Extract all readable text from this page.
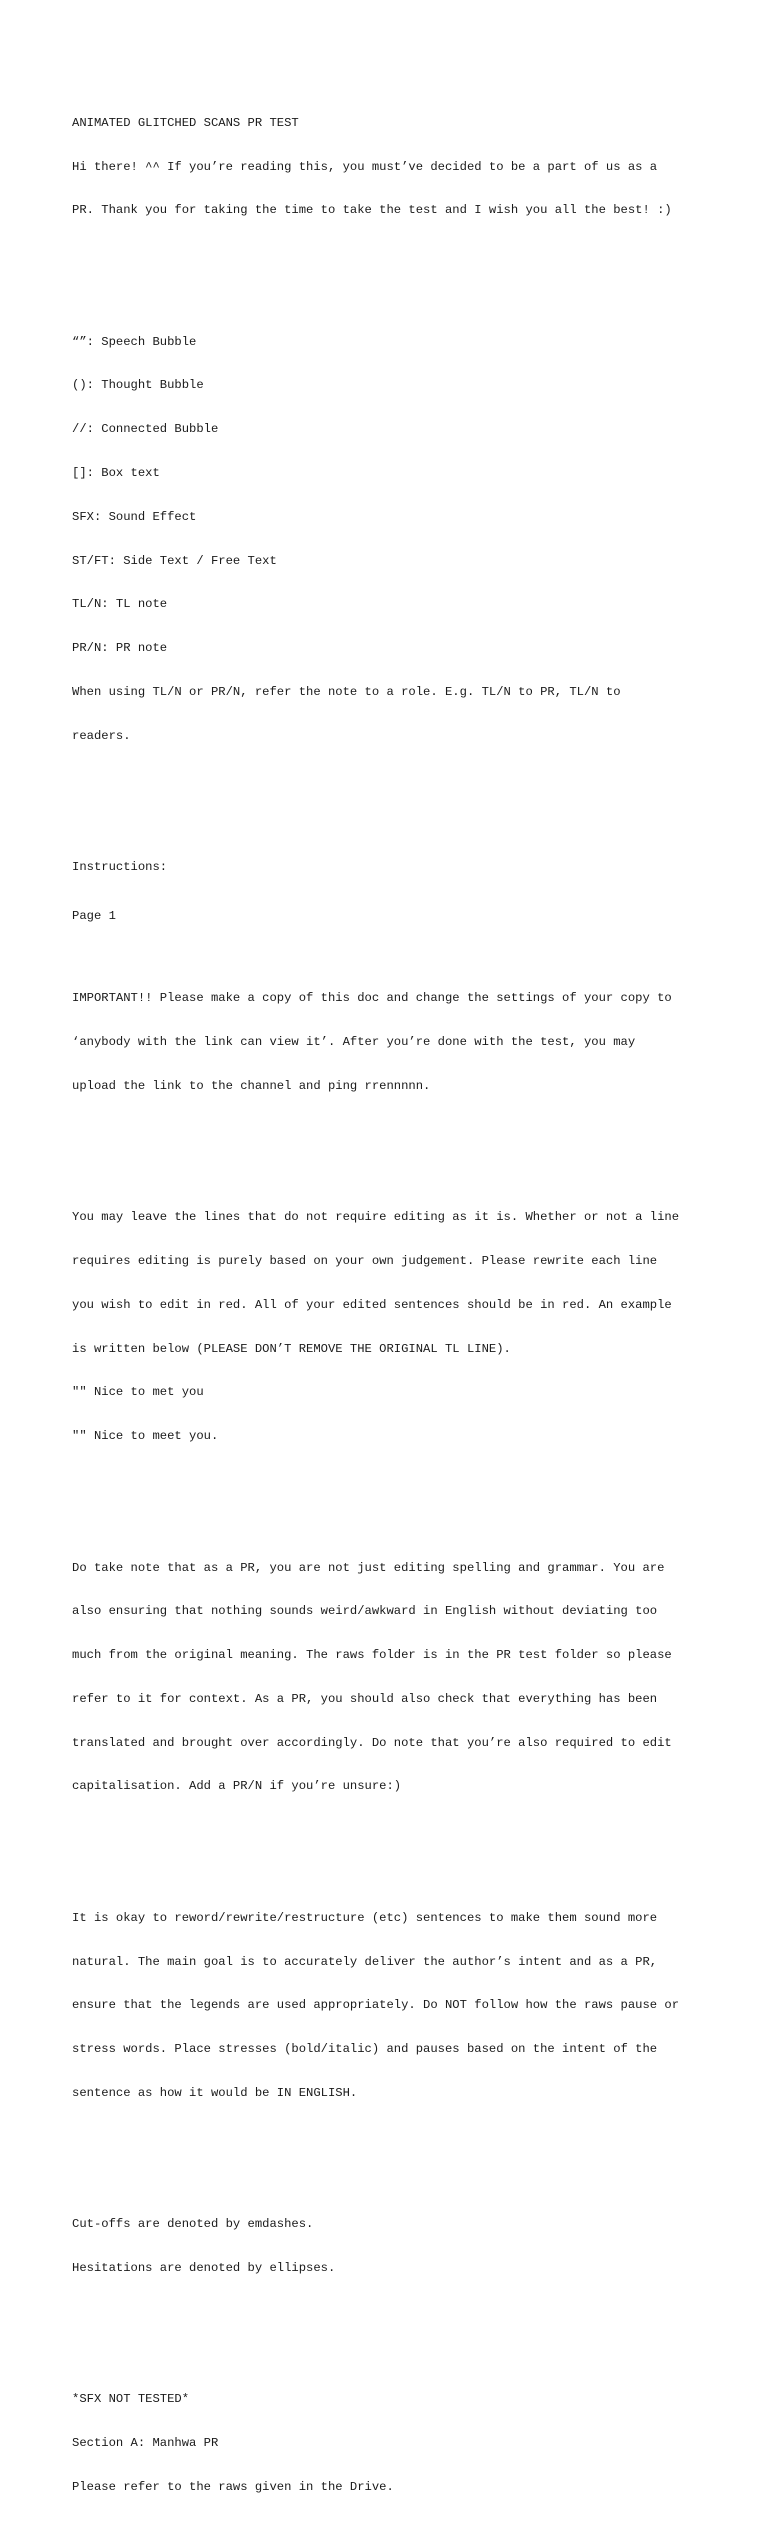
ANIMATED GLITCHED SCANS PR TEST

Hi there! ^^ If you’re reading this, you must’ve decided to be a part of us as a

PR. Thank you for taking the time to take the test and I wish you all the best! :)

“”: Speech Bubble

(): Thought Bubble

//: Connected Bubble

[]: Box text

SFX: Sound Effect

ST/FT: Side Text / Free Text

TL/N: TL note

PR/N: PR note

When using TL/N or PR/N, refer the note to a role. E.g. TL/N to PR, TL/N to

readers.

Instructions:

IMPORTANT!! Please make a copy of this doc and change the settings of your copy to

‘anybody with the link can view it’. After you’re done with the test, you may

upload the link to the channel and ping rrennnnn.

You may leave the lines that do not require editing as it is. Whether or not a line

requires editing is purely based on your own judgement. Please rewrite each line

you wish to edit in red. All of your edited sentences should be in red. An example

is written below (PLEASE DON’T REMOVE THE ORIGINAL TL LINE).

"" Nice to met you

"" Nice to meet you.

Do take note that as a PR, you are not just editing spelling and grammar. You are

also ensuring that nothing sounds weird/awkward in English without deviating too

much from the original meaning. The raws folder is in the PR test folder so please

refer to it for context. As a PR, you should also check that everything has been

translated and brought over accordingly. Do note that you’re also required to edit

capitalisation. Add a PR/N if you’re unsure:)

It is okay to reword/rewrite/restructure (etc) sentences to make them sound more

natural. The main goal is to accurately deliver the author’s intent and as a PR,

ensure that the legends are used appropriately. Do NOT follow how the raws pause or

stress words. Place stresses (bold/italic) and pauses based on the intent of the

sentence as how it would be IN ENGLISH.

Cut-offs are denoted by emdashes.

Hesitations are denoted by ellipses.

*SFX NOT TESTED*

Section A: Manhwa PR

Please refer to the raws given in the Drive.

Page 1
